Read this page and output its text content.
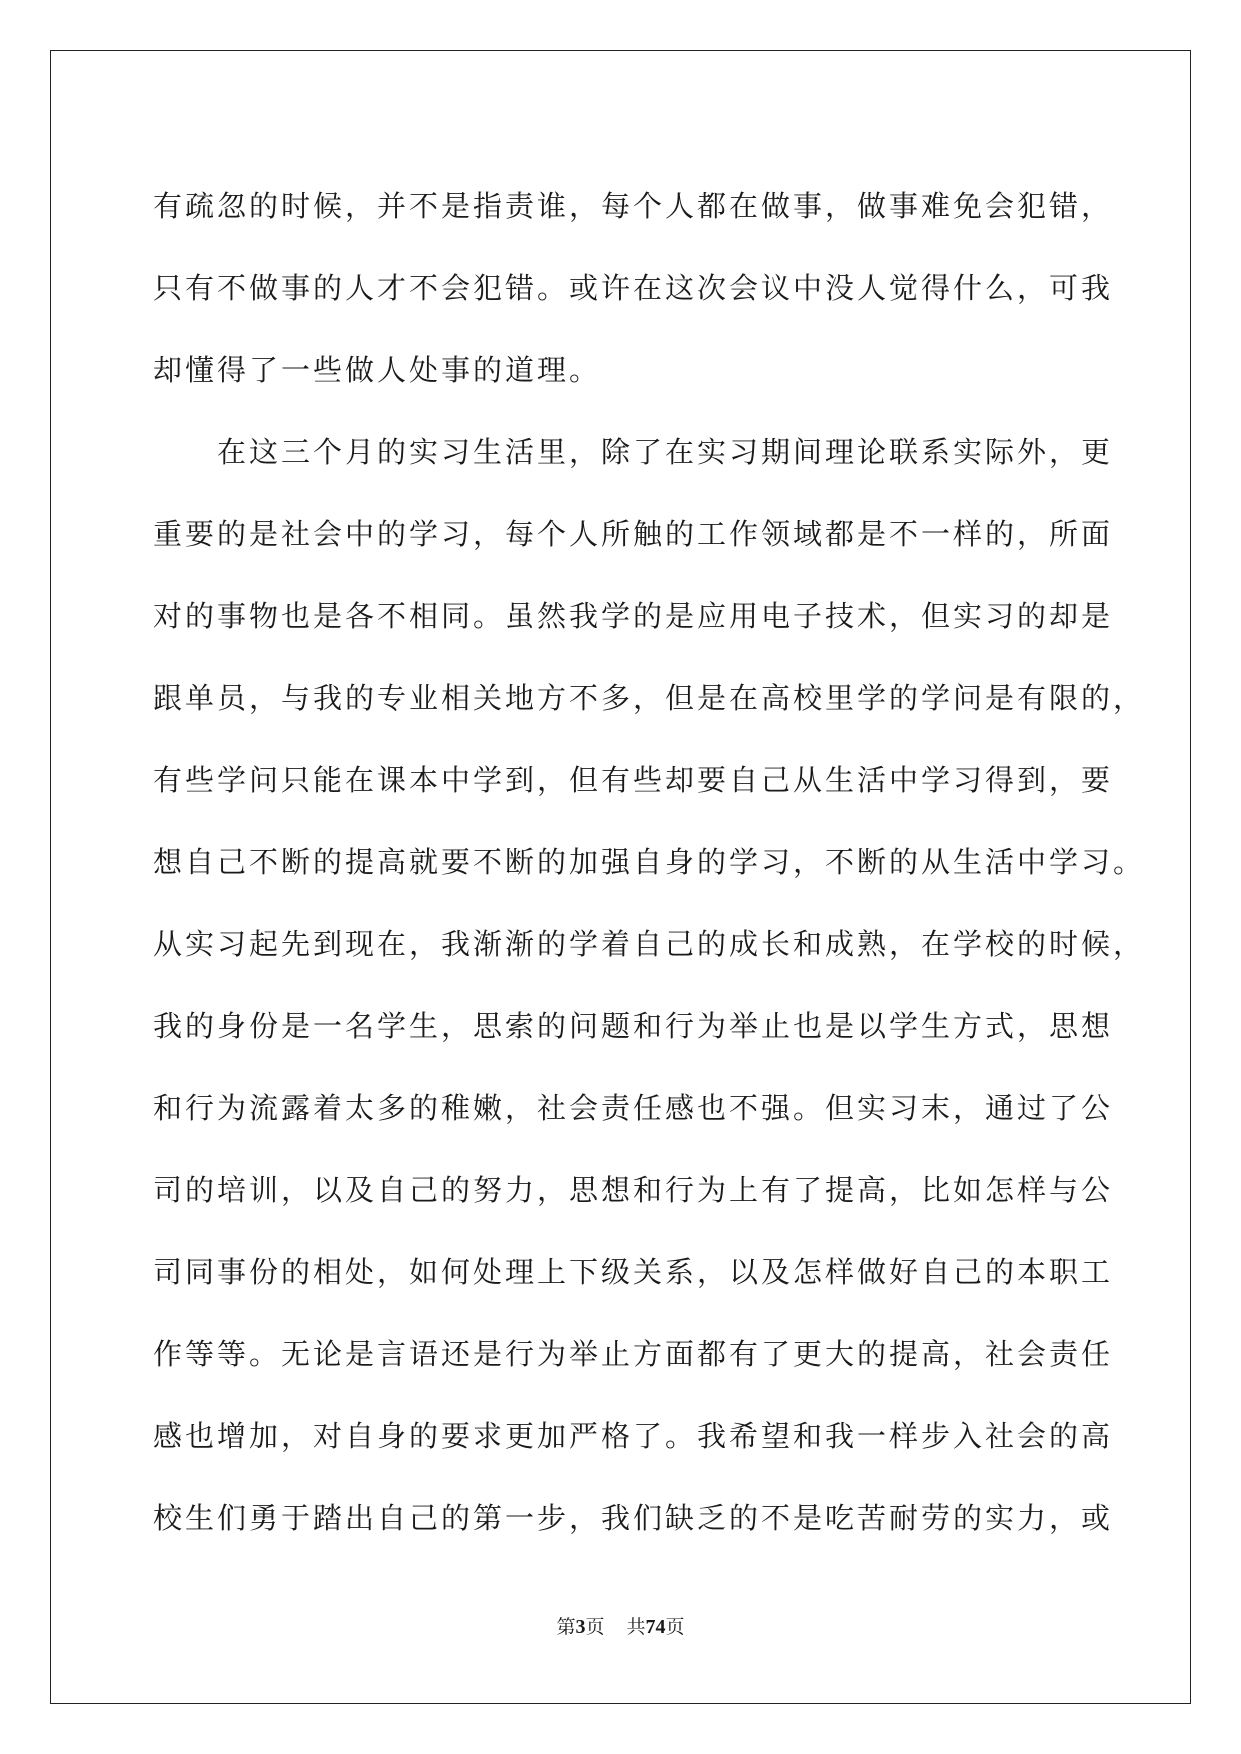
有疏忽的时候，并不是指责谁，每个人都在做事，做事难免会犯错，
只有不做事的人才不会犯错。或许在这次会议中没人觉得什么，可我
却懂得了一些做人处事的道理。
在这三个月的实习生活里，除了在实习期间理论联系实际外，更
重要的是社会中的学习，每个人所触的工作领域都是不一样的，所面
对的事物也是各不相同。虽然我学的是应用电子技术，但实习的却是
跟单员，与我的专业相关地方不多，但是在高校里学的学问是有限的，
有些学问只能在课本中学到，但有些却要自己从生活中学习得到，要
想自己不断的提高就要不断的加强自身的学习，不断的从生活中学习。
从实习起先到现在，我渐渐的学着自己的成长和成熟，在学校的时候，
我的身份是一名学生，思索的问题和行为举止也是以学生方式，思想
和行为流露着太多的稚嫩，社会责任感也不强。但实习末，通过了公
司的培训，以及自己的努力，思想和行为上有了提高，比如怎样与公
司同事份的相处，如何处理上下级关系，以及怎样做好自己的本职工
作等等。无论是言语还是行为举止方面都有了更大的提高，社会责任
感也增加，对自身的要求更加严格了。我希望和我一样步入社会的高
校生们勇于踏出自己的第一步，我们缺乏的不是吃苦耐劳的实力，或
第3页 共74页
